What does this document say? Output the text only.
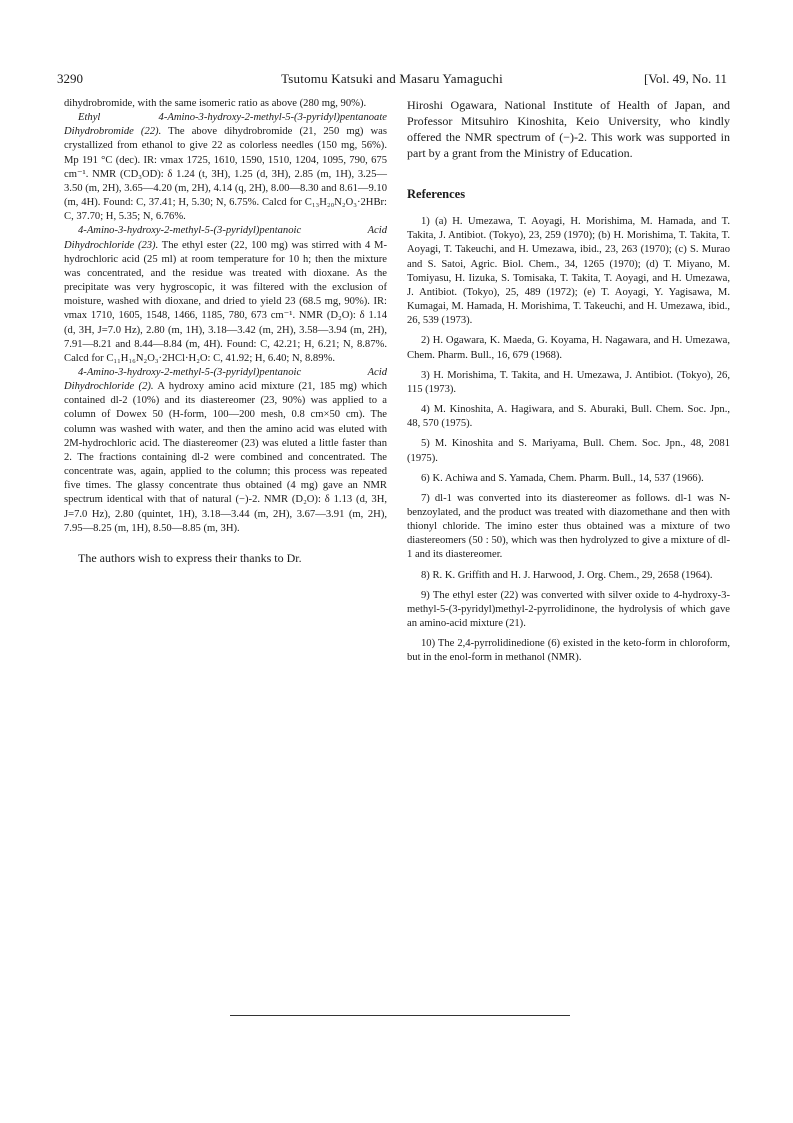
3290	Tsutomu Katsuki and Masaru Yamaguchi	[Vol. 49, No. 11

dihydrobromide, with the same isomeric ratio as above (280 mg, 90%).

Ethyl 4-Amino-3-hydroxy-2-methyl-5-(3-pyridyl)pentanoate Dihydrobromide (22). The above dihydrobromide (21, 250 mg) was crystallized from ethanol to give 22 as colorless needles (150 mg, 56%). Mp 191 °C (dec). IR: νmax 1725, 1610, 1590, 1510, 1204, 1095, 790, 675 cm⁻¹. NMR (CD₃OD): δ 1.24 (t, 3H), 1.25 (d, 3H), 2.85 (m, 1H), 3.25—3.50 (m, 2H), 3.65—4.20 (m, 2H), 4.14 (q, 2H), 8.00—8.30 and 8.61—9.10 (m, 4H). Found: C, 37.41; H, 5.30; N, 6.75%. Calcd for C₁₃H₂₀N₂O₃·2HBr: C, 37.70; H, 5.35; N, 6.76%.

4-Amino-3-hydroxy-2-methyl-5-(3-pyridyl)pentanoic Acid Dihydrochloride (23). The ethyl ester (22, 100 mg) was stirred with 4 M-hydrochloric acid (25 ml) at room temperature for 10 h; then the mixture was concentrated, and the residue was treated with dioxane. As the precipitate was very hygroscopic, it was filtered with the exclusion of moisture, washed with dioxane, and dried to yield 23 (68.5 mg, 90%). IR: νmax 1710, 1605, 1548, 1466, 1185, 780, 673 cm⁻¹. NMR (D₂O): δ 1.14 (d, 3H, J=7.0 Hz), 2.80 (m, 1H), 3.18—3.42 (m, 2H), 3.58—3.94 (m, 2H), 7.91—8.21 and 8.44—8.84 (m, 4H). Found: C, 42.21; H, 6.21; N, 8.87%. Calcd for C₁₁H₁₆N₂O₃·2HCl·H₂O: C, 41.92; H, 6.40; N, 8.89%.

4-Amino-3-hydroxy-2-methyl-5-(3-pyridyl)pentanoic Acid Dihydrochloride (2). A hydroxy amino acid mixture (21, 185 mg) which contained dl-2 (10%) and its diastereomer (23, 90%) was applied to a column of Dowex 50 (H-form, 100—200 mesh, 0.8 cm×50 cm). The column was washed with water, and then the amino acid was eluted with 2M-hydrochloric acid. The diastereomer (23) was eluted a little faster than 2. The fractions containing dl-2 were combined and concentrated. The concentrate was, again, applied to the column; this process was repeated five times. The glassy concentrate thus obtained (4 mg) gave an NMR spectrum identical with that of natural (−)-2. NMR (D₂O): δ 1.13 (d, 3H, J=7.0 Hz), 2.80 (quintet, 1H), 3.18—3.44 (m, 2H), 3.67—3.91 (m, 2H), 7.95—8.25 (m, 1H), 8.50—8.85 (m, 3H).

The authors wish to express their thanks to Dr.

Hiroshi Ogawara, National Institute of Health of Japan, and Professor Mitsuhiro Kinoshita, Keio University, who kindly offered the NMR spectrum of (−)-2. This work was supported in part by a grant from the Ministry of Education.

References

1) (a) H. Umezawa, T. Aoyagi, H. Morishima, M. Hamada, and T. Takita, J. Antibiot. (Tokyo), 23, 259 (1970); (b) H. Morishima, T. Takita, T. Aoyagi, T. Takeuchi, and H. Umezawa, ibid., 23, 263 (1970); (c) S. Murao and S. Satoi, Agric. Biol. Chem., 34, 1265 (1970); (d) T. Miyano, M. Tomiyasu, H. Iizuka, S. Tomisaka, T. Takita, T. Aoyagi, and H. Umezawa, J. Antibiot. (Tokyo), 25, 489 (1972); (e) T. Aoyagi, Y. Yagisawa, M. Kumagai, M. Hamada, H. Morishima, T. Takeuchi, and H. Umezawa, ibid., 26, 539 (1973).

2) H. Ogawara, K. Maeda, G. Koyama, H. Nagawara, and H. Umezawa, Chem. Pharm. Bull., 16, 679 (1968).

3) H. Morishima, T. Takita, and H. Umezawa, J. Antibiot. (Tokyo), 26, 115 (1973).

4) M. Kinoshita, A. Hagiwara, and S. Aburaki, Bull. Chem. Soc. Jpn., 48, 570 (1975).

5) M. Kinoshita and S. Mariyama, Bull. Chem. Soc. Jpn., 48, 2081 (1975).

6) K. Achiwa and S. Yamada, Chem. Pharm. Bull., 14, 537 (1966).

7) dl-1 was converted into its diastereomer as follows. dl-1 was N-benzoylated, and the product was treated with diazomethane and then with thionyl chloride. The imino ester thus obtained was a mixture of two diastereomers (50 : 50), which was then hydrolyzed to give a mixture of dl-1 and its diastereomer.

8) R. K. Griffith and H. J. Harwood, J. Org. Chem., 29, 2658 (1964).

9) The ethyl ester (22) was converted with silver oxide to 4-hydroxy-3-methyl-5-(3-pyridyl)methyl-2-pyrrolidinone, the hydrolysis of which gave an amino-acid mixture (21).

10) The 2,4-pyrrolidinedione (6) existed in the keto-form in chloroform, but in the enol-form in methanol (NMR).
